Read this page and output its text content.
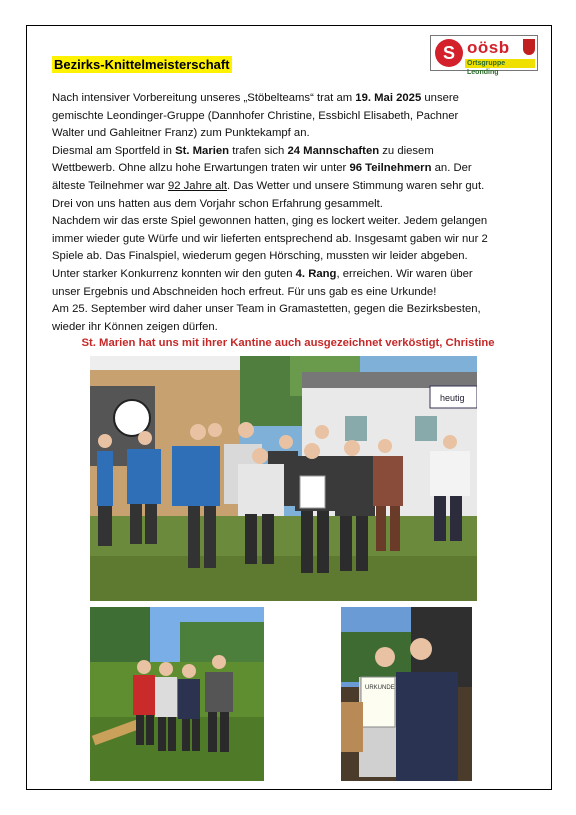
Bezirks-Knittelmeisterschaft
S oösb
Ortsgruppe Leonding

Nach intensiver Vorbereitung unseres „Stöbelteams“ trat am 19. Mai 2025 unsere

gemischte Leondinger-Gruppe (Dannhofer Christine, Essbichl Elisabeth, Pachner

Walter und Gahleitner Franz) zum Punktekampf an.

Diesmal am Sportfeld in St. Marien trafen sich 24 Mannschaften zu diesem

Wettbewerb. Ohne allzu hohe Erwartungen traten wir unter 96 Teilnehmern an. Der

älteste Teilnehmer war 92 Jahre alt. Das Wetter und unsere Stimmung waren sehr gut.

Drei von uns hatten aus dem Vorjahr schon Erfahrung gesammelt.

Nachdem wir das erste Spiel gewonnen hatten, ging es lockert weiter. Jedem gelangen

immer wieder gute Würfe und wir lieferten entsprechend ab. Insgesamt gaben wir nur 2

Spiele ab. Das Finalspiel, wiederum gegen Hörsching, mussten wir leider abgeben.

Unter starker Konkurrenz konnten wir den guten 4. Rang, erreichen. Wir waren über

unser Ergebnis und Abschneiden hoch erfreut. Für uns gab es eine Urkunde!

Am 25. September wird daher unser Team in Gramastetten, gegen die Bezirksbesten,

wieder ihr Können zeigen dürfen.

St. Marien hat uns mit ihrer Kantine auch ausgezeichnet verköstigt, Christine
heutig
URKUNDE
